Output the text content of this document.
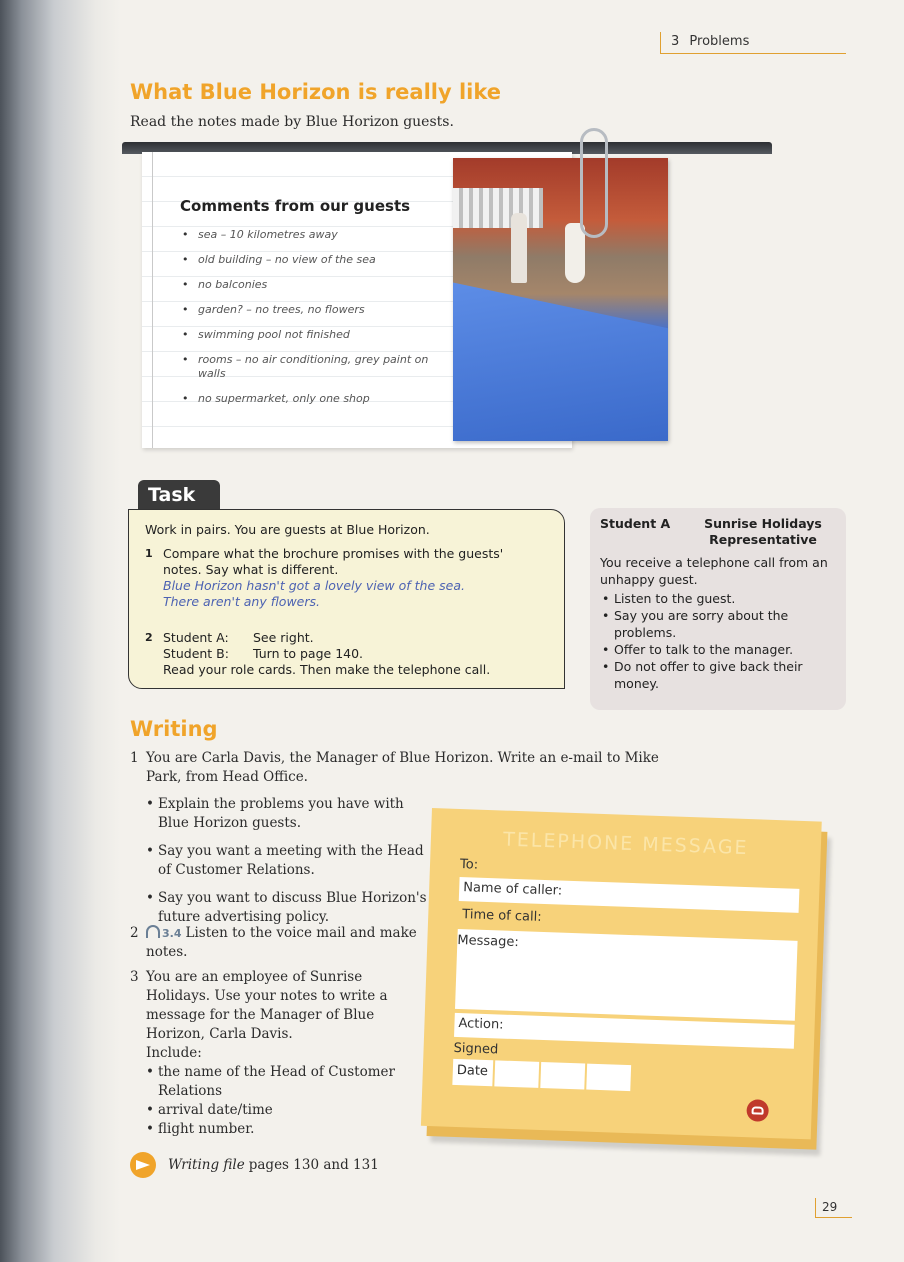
3 Problems
What Blue Horizon is really like
Read the notes made by Blue Horizon guests.
Comments from our guests
• sea – 10 kilometres away
• old building – no view of the sea
• no balconies
• garden? – no trees, no flowers
• swimming pool not finished
• rooms – no air conditioning, grey paint on walls
• no supermarket, only one shop
Task
Work in pairs. You are guests at Blue Horizon.
1 Compare what the brochure promises with the guests' notes. Say what is different.
Blue Horizon hasn't got a lovely view of the sea.
There aren't any flowers.
2 Student A:	See right.
Student B:	Turn to page 140.
Read your role cards. Then make the telephone call.
Student A	Sunrise Holidays Representative

You receive a telephone call from an unhappy guest.

• Listen to the guest.
• Say you are sorry about the problems.
• Offer to talk to the manager.
• Do not offer to give back their money.
Writing
1 You are Carla Davis, the Manager of Blue Horizon. Write an e-mail to Mike Park, from Head Office.
• Explain the problems you have with Blue Horizon guests.
• Say you want a meeting with the Head of Customer Relations.
• Say you want to discuss Blue Horizon's future advertising policy.
2	3.4 Listen to the voice mail and make notes.
3 You are an employee of Sunrise Holidays. Use your notes to write a message for the Manager of Blue Horizon, Carla Davis.
Include:
• the name of the Head of Customer Relations
• arrival date/time
• flight number.
Writing file pages 130 and 131
TELEPHONE MESSAGE
To:
Name of caller:
Time of call:
Message:
Action:
Signed
Date
29
